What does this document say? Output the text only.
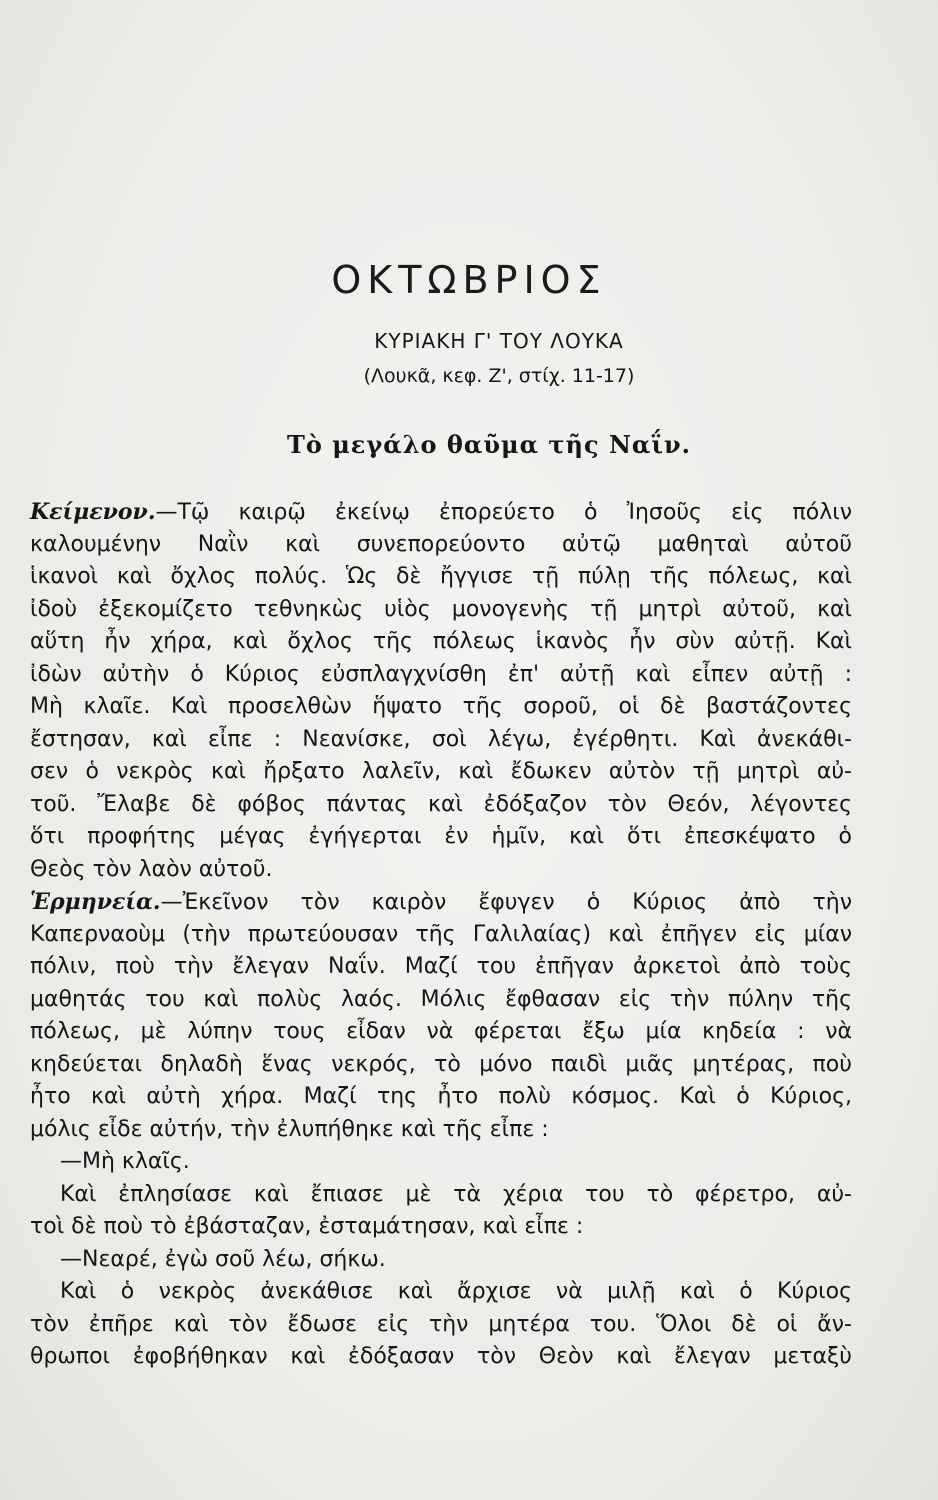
ΟΚΤΩΒΡΙΟΣ
ΚΥΡΙΑΚΗ Γ' ΤΟΥ ΛΟΥΚΑ
(Λουκᾶ, κεφ. Ζ', στίχ. 11-17)
Τὸ μεγάλο θαῦμα τῆς Ναΐν.
Κείμενον.—Τῷ καιρῷ ἐκείνῳ ἐπορεύετο ὁ Ἰησοῦς εἰς πόλιν
καλουμένην Ναῒν καὶ συνεπορεύοντο αὐτῷ μαθηταὶ αὐτοῦ
ἱκανοὶ καὶ ὄχλος πολύς. Ὡς δὲ ἤγγισε τῇ πύλῃ τῆς πόλεως, καὶ
ἰδοὺ ἐξεκομίζετο τεθνηκὼς υἱὸς μονογενὴς τῇ μητρὶ αὐτοῦ, καὶ
αὕτη ἦν χήρα, καὶ ὄχλος τῆς πόλεως ἱκανὸς ἦν σὺν αὐτῇ. Καὶ
ἰδὼν αὐτὴν ὁ Κύριος εὐσπλαγχνίσθη ἐπ' αὐτῇ καὶ εἶπεν αὐτῇ :
Μὴ κλαῖε. Καὶ προσελθὼν ἥψατο τῆς σοροῦ, οἱ δὲ βαστάζοντες
ἔστησαν, καὶ εἶπε : Νεανίσκε, σοὶ λέγω, ἐγέρθητι. Καὶ ἀνεκάθι-
σεν ὁ νεκρὸς καὶ ἤρξατο λαλεῖν, καὶ ἔδωκεν αὐτὸν τῇ μητρὶ αὐ-
τοῦ. Ἔλαβε δὲ φόβος πάντας καὶ ἐδόξαζον τὸν Θεόν, λέγοντες
ὅτι προφήτης μέγας ἐγήγερται ἐν ἡμῖν, καὶ ὅτι ἐπεσκέψατο ὁ
Θεὸς τὸν λαὸν αὐτοῦ.
Ἑρμηνεία.—Ἐκεῖνον τὸν καιρὸν ἔφυγεν ὁ Κύριος ἀπὸ τὴν
Καπερναοὺμ (τὴν πρωτεύουσαν τῆς Γαλιλαίας) καὶ ἐπῆγεν εἰς μίαν
πόλιν, ποὺ τὴν ἔλεγαν Ναΐν. Μαζί του ἐπῆγαν ἀρκετοὶ ἀπὸ τοὺς
μαθητάς του καὶ πολὺς λαός. Μόλις ἔφθασαν εἰς τὴν πύλην τῆς
πόλεως, μὲ λύπην τους εἶδαν νὰ φέρεται ἔξω μία κηδεία : νὰ
κηδεύεται δηλαδὴ ἕνας νεκρός, τὸ μόνο παιδὶ μιᾶς μητέρας, ποὺ
ἦτο καὶ αὐτὴ χήρα. Μαζί της ἦτο πολὺ κόσμος. Καὶ ὁ Κύριος,
μόλις εἶδε αὐτήν, τὴν ἐλυπήθηκε καὶ τῆς εἶπε :
—Μὴ κλαῖς.
Καὶ ἐπλησίασε καὶ ἔπιασε μὲ τὰ χέρια του τὸ φέρετρο, αὐ-
τοὶ δὲ ποὺ τὸ ἐβάσταζαν, ἐσταμάτησαν, καὶ εἶπε :
—Νεαρέ, ἐγὼ σοῦ λέω, σήκω.
Καὶ ὁ νεκρὸς ἀνεκάθισε καὶ ἄρχισε νὰ μιλῇ καὶ ὁ Κύριος
τὸν ἐπῆρε καὶ τὸν ἔδωσε εἰς τὴν μητέρα του. Ὅλοι δὲ οἱ ἄν-
θρωποι ἐφοβήθηκαν καὶ ἐδόξασαν τὸν Θεὸν καὶ ἔλεγαν μεταξὺ
